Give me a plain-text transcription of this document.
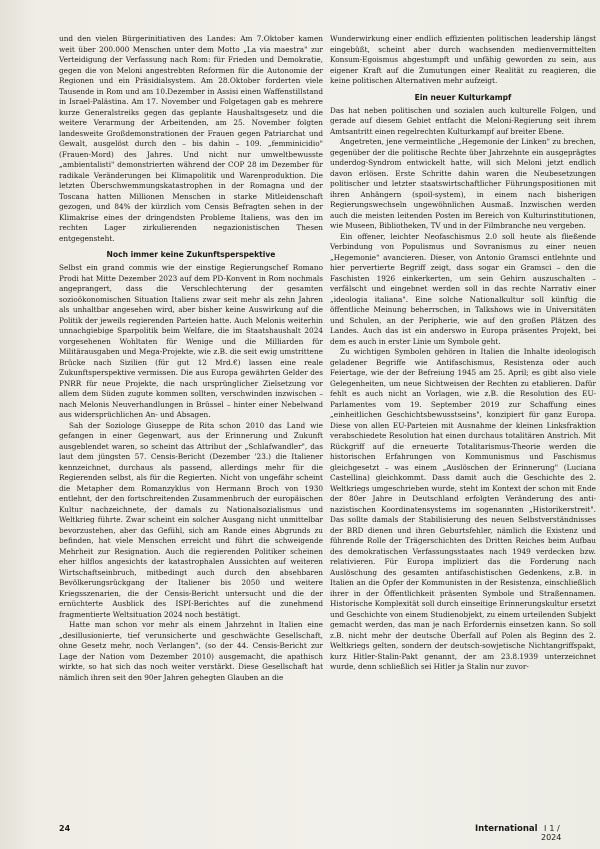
und den vielen Bürgerinitiativen des Landes: Am 7.Oktober kamen weit über 200.000 Menschen unter dem Motto „La via maestra" zur Verteidigung der Verfassung nach Rom: für Frieden und Demokratie, gegen die von Meloni angestrebten Reformen für die Autonomie der Regionen und ein Präsidialsystem. Am 28.Oktober forderten viele Tausende in Rom und am 10.Dezember in Assisi einen Waffenstillstand in Israel-Palästina. Am 17. November und Folgetagen gab es mehrere kurze Generalstreiks gegen das geplante Haushaltsgesetz und die weitere Verarmung der Arbeitenden, am 25. November folgten landesweite Großdemonstrationen der Frauen gegen Patriarchat und Gewalt, ausgelöst durch den – bis dahin – 109. „femminicidio" (Frauen-Mord) des Jahres. Und nicht nur umweltbewusste „ambientalisti" demonstrierten während der COP 28 im Dezember für radikale Veränderungen bei Klimapolitik und Warenproduktion. Die letzten Überschwemmungskatastrophen in der Romagna und der Toscana hatten Millionen Menschen in starke Mitleidenschaft gezogen, und 84% der kürzlich vom Censis Befragten sehen in der Klimakrise eines der dringendsten Probleme Italiens, was den im rechten Lager zirkulierenden negazionistischen Thesen entgegensteht.

Noch immer keine Zukunftsperspektive

Selbst ein grand commis wie der einstige Regierungschef Romano Prodi hat Mitte Dezember 2023 auf dem PD-Konvent in Rom nochmals angeprangert, dass die Verschlechterung der gesamten sozioökonomischen Situation Italiens zwar seit mehr als zehn Jahren als unhaltbar angesehen wird, aber bisher keine Auswirkung auf die Politik der jeweils regierenden Parteien hatte. Auch Melonis weiterhin unnachgiebige Sparpolitik beim Welfare, die im Staatshaushalt 2024 vorgesehenen Wohltaten für Wenige und die Milliarden für Militärausgaben und Mega-Projekte, wie z.B. die seit ewig umstrittene Brücke nach Sizilien (für gut 12 Mrd.€) lassen eine reale Zukunftsperspektive vermissen. Die aus Europa gewährten Gelder des PNRR für neue Projekte, die nach ursprünglicher Zielsetzung vor allem dem Süden zugute kommen sollten, verschwinden inzwischen – nach Melonis Neuverhandlungen in Brüssel – hinter einer Nebelwand aus widersprüchlichen An- und Absagen.

Sah der Soziologe Giuseppe de Rita schon 2010 das Land wie gefangen in einer Gegenwart, aus der Erinnerung und Zukunft ausgeblendet waren, so scheint das Attribut der „Schlafwandler", das laut dem jüngsten 57. Censis-Bericht (Dezember '23.) die Italiener kennzeichnet, durchaus als passend, allerdings mehr für die Regierenden selbst, als für die Regierten. Nicht von ungefähr scheint die Metapher dem Romanzyklus von Hermann Broch von 1930 entlehnt, der den fortschreitenden Zusammenbruch der europäischen Kultur nachzeichnete, der damals zu Nationalsozialismus und Weltkrieg führte. Zwar scheint ein solcher Ausgang nicht unmittelbar bevorzustehen, aber das Gefühl, sich am Rande eines Abgrunds zu befinden, hat viele Menschen erreicht und führt die schweigende Mehrheit zur Resignation. Auch die regierenden Politiker scheinen eher hilflos angesichts der katastrophalen Aussichten auf weiteren Wirtschaftseinbruch, mitbedingt auch durch den absehbaren Bevölkerungsrückgang der Italiener bis 2050 und weitere Kriegsszenarien, die der Censis-Bericht untersucht und die der ernüchterte Ausblick des ISPI-Berichtes auf die zunehmend fragmentierte Weltsituation 2024 noch bestätigt.

Hatte man schon vor mehr als einem Jahrzehnt in Italien eine „desillusionierte, tief verunsicherte und geschwächte Gesellschaft, ohne Gesetz mehr, noch Verlangen", (so der 44. Censis-Bericht zur Lage der Nation vom Dezember 2010) ausgemacht, die apathisch wirkte, so hat sich das noch weiter verstärkt. Diese Gesellschaft hat nämlich ihren seit den 90er Jahren gehegten Glauben an die

Wunderwirkung einer endlich effizienten politischen leadership längst eingebüßt, scheint aber durch wachsenden medienvermittelten Konsum-Egoismus abgestumpft und unfähig geworden zu sein, aus eigener Kraft auf die Zumutungen einer Realität zu reagieren, die keine politischen Alternativen mehr aufzeigt.

Ein neuer Kulturkampf

Das hat neben politischen und sozialen auch kulturelle Folgen, und gerade auf diesem Gebiet entfacht die Meloni-Regierung seit ihrem Amtsantritt einen regelrechten Kulturkampf auf breiter Ebene.

Angetreten, jene vermeintliche „Hegemonie der Linken" zu brechen, gegenüber der die politische Rechte über Jahrzehnte ein ausgeprägtes underdog-Syndrom entwickelt hatte, will sich Meloni jetzt endlich davon erlösen. Erste Schritte dahin waren die Neubesetzungen politischer und letzter staatswirtschaftlicher Führungspositionen mit ihren Anhängern (spoil-system), in einem nach bisherigen Regierungswechseln ungewöhnlichen Ausmaß. Inzwischen werden auch die meisten leitenden Posten im Bereich von Kulturinstitutionen, wie Museen, Bibliotheken, TV und in der Filmbranche neu vergeben.

Ein offener, leichter Neofaschismus 2.0 soll heute als fließende Verbindung von Populismus und Sovranismus zu einer neuen „Hegemonie" avancieren. Dieser, von Antonio Gramsci entlehnte und hier pervertierte Begriff zeigt, dass sogar ein Gramsci – den die Faschisten 1926 einkerkerten, um sein Gehirn auszuschalten – verfälscht und eingebnet werden soll in das rechte Narrativ einer „ideologia italiana". Eine solche Nationalkultur soll künftig die öffentliche Meinung beherrschen, in Talkshows wie in Universitäten und Schulen, an der Peripherie, wie auf den großen Plätzen des Landes. Auch das ist ein anderswo in Europa präsentes Projekt, bei dem es auch in erster Linie um Symbole geht.

Zu wichtigen Symbolen gehören in Italien die Inhalte ideologisch geladener Begriffe wie Antifaschismus, Resistenza oder auch Feiertage, wie der der Befreiung 1945 am 25. April; es gibt also viele Gelegenheiten, um neue Sichtweisen der Rechten zu etablieren. Dafür fehlt es auch nicht an Vorlagen, wie z.B. die Resolution des EU-Parlamentes vom 19. September 2019 zur Schaffung eines „einheitlichen Geschichtsbewusstseins", konzipiert für ganz Europa. Diese von allen EU-Parteien mit Ausnahme der kleinen Linksfraktion verabschiedete Resolution hat einen durchaus totalitären Anstrich. Mit Rückgriff auf die erneuerte Totalitarismus-Theorie werden die historischen Erfahrungen von Kommunismus und Faschismus gleichgesetzt – was einem „Auslöschen der Erinnerung" (Luciana Castellina) gleichkommt. Dass damit auch die Geschichte des 2. Weltkriegs umgeschrieben wurde, steht im Kontext der schon mit Ende der 80er Jahre in Deutschland erfolgten Veränderung des anti-nazistischen Koordinatensystems im sogenannten „Historikerstreit". Das sollte damals der Stabilisierung des neuen Selbstverständnisses der BRD dienen und ihren Geburtsfehler, nämlich die Existenz und führende Rolle der Trägerschichten des Dritten Reiches beim Aufbau des demokratischen Verfassungsstaates nach 1949 verdecken bzw. relativieren. Für Europa impliziert das die Forderung nach Auslöschung des gesamten antifaschistischen Gedenkens, z.B. in Italien an die Opfer der Kommunisten in der Resistenza, einschließlich ihrer in der Öffentlichkeit präsenten Symbole und Straßennamen. Historische Komplexität soll durch einseitige Erinnerungskultur ersetzt und Geschichte von einem Studienobjekt, zu einem urteilenden Subjekt gemacht werden, das man je nach Erfordernis einsetzen kann. So soll z.B. nicht mehr der deutsche Überfall auf Polen als Beginn des 2. Weltkriegs gelten, sondern der deutsch-sowjetische Nichtangriffspakt, kurz Hitler-Stalin-Pakt genannt, der am 23.8.1939 unterzeichnet wurde, denn schließlich sei Hitler ja Stalin nur zuvor-

24	International I 1 / 2024
